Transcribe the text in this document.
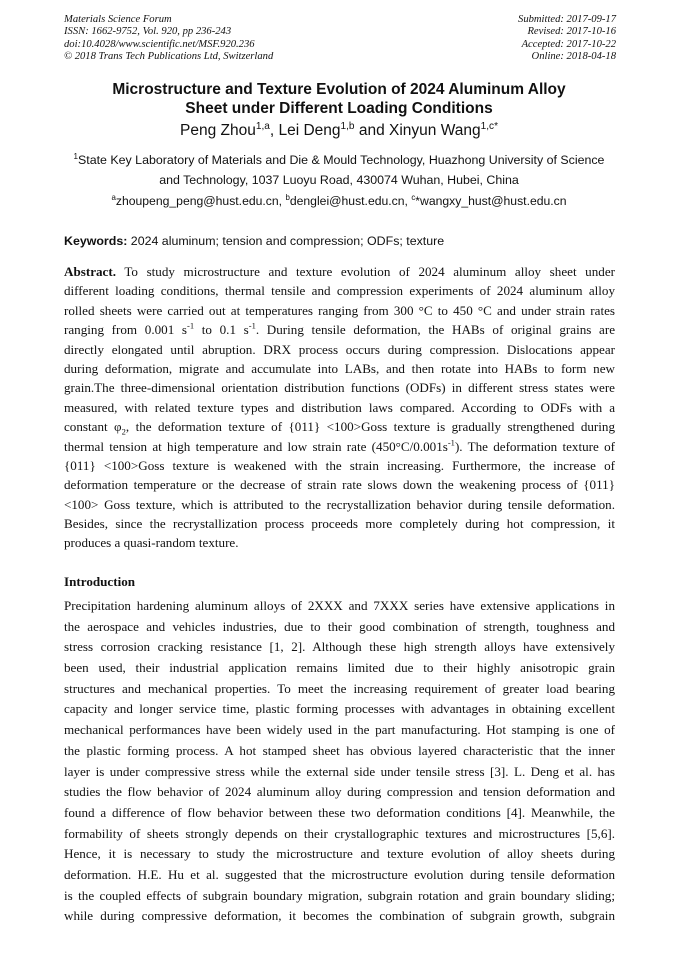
Materials Science Forum
ISSN: 1662-9752, Vol. 920, pp 236-243
doi:10.4028/www.scientific.net/MSF.920.236
© 2018 Trans Tech Publications Ltd, Switzerland
Submitted: 2017-09-17
Revised: 2017-10-16
Accepted: 2017-10-22
Online: 2018-04-18
Microstructure and Texture Evolution of 2024 Aluminum Alloy
Sheet under Different Loading Conditions
Peng Zhou$^{1,a}$, Lei Deng$^{1,b}$ and Xinyun Wang$^{1,c*}$
$^1$State Key Laboratory of Materials and Die & Mould Technology, Huazhong University of Science
and Technology, 1037 Luoyu Road, 430074 Wuhan, Hubei, China
$^a$zhoupeng_peng@hust.edu.cn, $^b$denglei@hust.edu.cn, $^c$*wangxy_hust@hust.edu.cn
Keywords: 2024 aluminum; tension and compression; ODFs; texture
Abstract. To study microstructure and texture evolution of 2024 aluminum alloy sheet under
different loading conditions, thermal tensile and compression experiments of 2024 aluminum alloy
rolled sheets were carried out at temperatures ranging from 300 °C to 450 °C and under strain rates
ranging from 0.001 $s^{-1}$ to 0.1 $s^{-1}$. During tensile deformation, the HABs of original grains are
directly elongated until abruption. DRX process occurs during compression. Dislocations appear
during deformation, migrate and accumulate into LABs, and then rotate into HABs to form new
grain.The three-dimensional orientation distribution functions (ODFs) in different stress states were
measured, with related texture types and distribution laws compared. According to ODFs with a
constant $\varphi_2$, the deformation texture of {011} <100>Goss texture is gradually strengthened during
thermal tension at high temperature and low strain rate $(450^\circ C/0.001s^{-1})$. The deformation texture of
{011} <100>Goss texture is weakened with the strain increasing. Furthermore, the increase of
deformation temperature or the decrease of strain rate slows down the weakening process of {011}
<100> Goss texture, which is attributed to the recrystallization behavior during tensile deformation.
Besides, since the recrystallization process proceeds more completely during hot compression, it
produces a quasi-random texture.
Introduction
Precipitation hardening aluminum alloys of 2XXX and 7XXX series have extensive applications in
the aerospace and vehicles industries, due to their good combination of strength, toughness and
stress corrosion cracking resistance [1, 2]. Although these high strength alloys have extensively
been used, their industrial application remains limited due to their highly anisotropic grain
structures and mechanical properties. To meet the increasing requirement of greater load bearing
capacity and longer service time, plastic forming processes with advantages in obtaining excellent
mechanical performances have been widely used in the part manufacturing. Hot stamping is one of
the plastic forming process. A hot stamped sheet has obvious layered characteristic that the inner
layer is under compressive stress while the external side under tensile stress [3]. L. Deng et al. has
studies the flow behavior of 2024 aluminum alloy during compression and tension deformation and
found a difference of flow behavior between these two deformation conditions [4]. Meanwhile, the
formability of sheets strongly depends on their crystallographic textures and microstructures [5,6].
Hence, it is necessary to study the microstructure and texture evolution of alloy sheets during
deformation. H.E. Hu et al. suggested that the microstructure evolution during tensile deformation
is the coupled effects of subgrain boundary migration, subgrain rotation and grain boundary sliding;
while during compressive deformation, it becomes the combination of subgrain growth, subgrain
